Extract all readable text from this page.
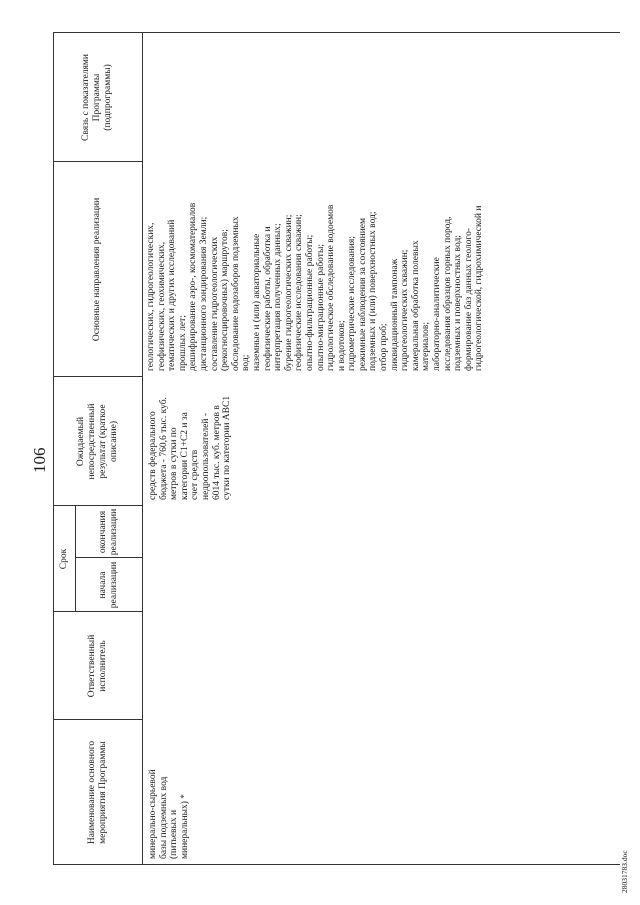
106
Наименование основного
мероприятия Программы
Ответственный
исполнитель
Срок
начала
реализации
окончания
реализации
Ожидаемый
непосредственный
результат (краткое
описание)
Основные направления реализации
Связь с показателями
Программы
(подпрограммы)
минерально-сырьевой
базы подземных вод
(питьевых и
минеральных) *
средств федерального
бюджета - 760,6 тыс. куб.
метров в сутки по
категории C1+C2 и за
счет средств
недропользователей -
6014 тыс. куб. метров в
сутки по категории ABC1
геологических, гидрогеологических,
геофизических, геохимических,
тематических и других исследований
прошлых лет;
дешифрирование аэро-, космоматериалов
дистанционного зондирования Земли;
составление гидрогеологических
(рекогносцировочных) маршрутов;
обследование водозаборов подземных
вод;
наземные и (или) акваториальные
геофизические работы, обработка и
интерпретация полученных данных;
бурение гидрогеологических скважин;
геофизические исследования скважин;
опытно-фильтрационные работы;
опытно-миграционные работы;
гидрологическое обследование водоемов
и водотоков;
гидрометрические исследования;
режимные наблюдения за состоянием
подземных и (или) поверхностных вод;
отбор проб;
ликвидационный тампонаж
гидрогеологических скважин;
камеральная обработка полевых
материалов;
лабораторно-аналитические
исследования образцов горных пород,
подземных и поверхностных вод;
формирование баз данных геолого-
гидрогеологической, гидрохимической и
2803178З.doc
